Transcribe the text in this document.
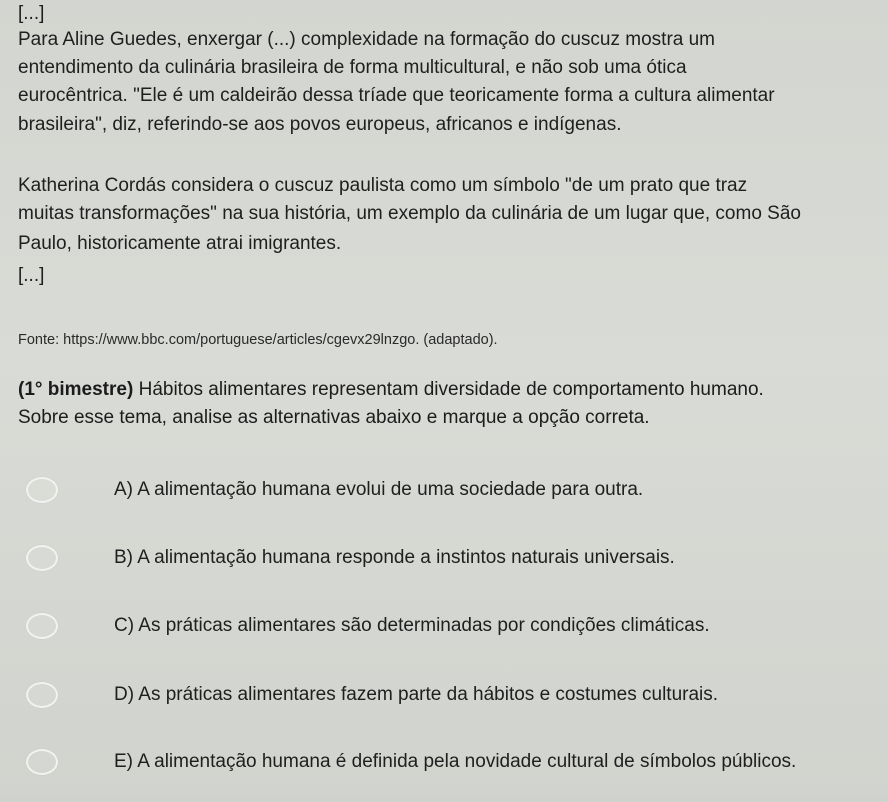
[...]
Para Aline Guedes, enxergar (...) complexidade na formação do cuscuz mostra um
entendimento da culinária brasileira de forma multicultural, e não sob uma ótica
eurocêntrica. "Ele é um caldeirão dessa tríade que teoricamente forma a cultura alimentar
brasileira", diz, referindo-se aos povos europeus, africanos e indígenas.
Katherina Cordás considera o cuscuz paulista como um símbolo "de um prato que traz
muitas transformações" na sua história, um exemplo da culinária de um lugar que, como São
Paulo, historicamente atrai imigrantes.
[...]
Fonte: https://www.bbc.com/portuguese/articles/cgevx29lnzgo. (adaptado).
(1° bimestre) Hábitos alimentares representam diversidade de comportamento humano.
Sobre esse tema, analise as alternativas abaixo e marque a opção correta.
A) A alimentação humana evolui de uma sociedade para outra.
B) A alimentação humana responde a instintos naturais universais.
C) As práticas alimentares são determinadas por condições climáticas.
D) As práticas alimentares fazem parte da hábitos e costumes culturais.
E) A alimentação humana é definida pela novidade cultural de símbolos públicos.
